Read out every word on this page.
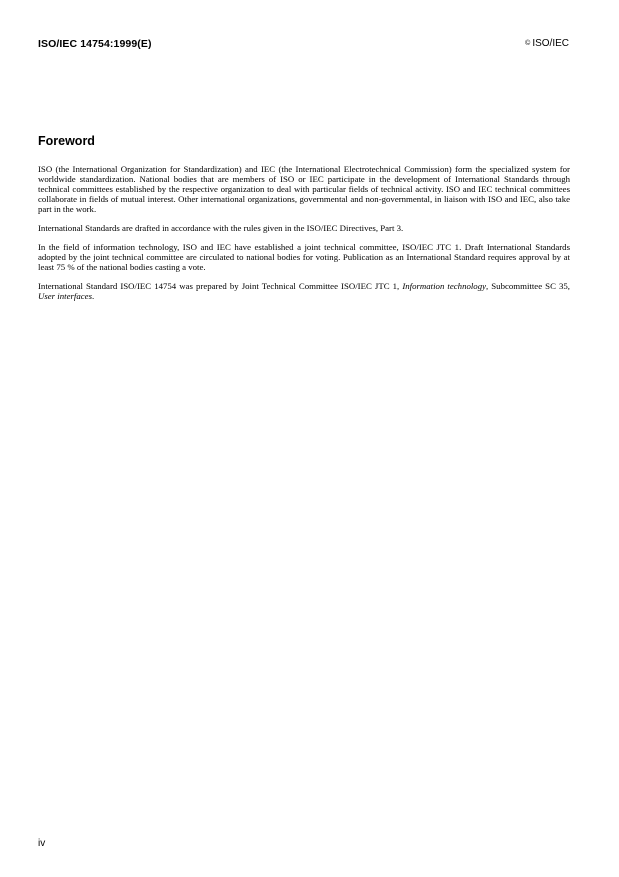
ISO/IEC 14754:1999(E)	© ISO/IEC
Foreword

ISO (the International Organization for Standardization) and IEC (the International Electrotechnical Commission) form the specialized system for worldwide standardization. National bodies that are members of ISO or IEC participate in the development of International Standards through technical committees established by the respective organization to deal with particular fields of technical activity. ISO and IEC technical committees collaborate in fields of mutual interest. Other international organizations, governmental and non-governmental, in liaison with ISO and IEC, also take part in the work.

International Standards are drafted in accordance with the rules given in the ISO/IEC Directives, Part 3.

In the field of information technology, ISO and IEC have established a joint technical committee, ISO/IEC JTC 1. Draft International Standards adopted by the joint technical committee are circulated to national bodies for voting. Publication as an International Standard requires approval by at least 75 % of the national bodies casting a vote.

International Standard ISO/IEC 14754 was prepared by Joint Technical Committee ISO/IEC JTC 1, Information technology, Subcommittee SC 35, User interfaces.

iv
